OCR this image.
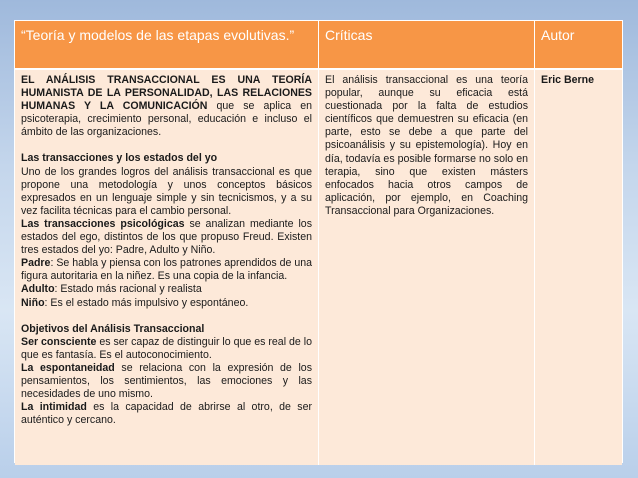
“Teoría y modelos de las etapas evolutivas.”	Críticas	Autor

EL ANÁLISIS TRANSACCIONAL ES UNA TEORÍA HUMANISTA DE LA PERSONALIDAD, LAS RELACIONES HUMANAS Y LA COMUNICACIÓN que se aplica en psicoterapia, crecimiento personal, educación e incluso el ámbito de las organizaciones.

Las transacciones y los estados del yo

Uno de los grandes logros del análisis transaccional es que propone una metodología y unos conceptos básicos expresados en un lenguaje simple y sin tecnicismos, y a su vez facilita técnicas para el cambio personal.

Las transacciones psicológicas se analizan mediante los estados del ego, distintos de los que propuso Freud. Existen tres estados del yo: Padre, Adulto y Niño.

Padre: Se habla y piensa con los patrones aprendidos de una figura autoritaria en la niñez. Es una copia de la infancia.

Adulto: Estado más racional y realista

Niño: Es el estado más impulsivo y espontáneo.

Objetivos del Análisis Transaccional

Ser consciente es ser capaz de distinguir lo que es real de lo que es fantasía. Es el autoconocimiento.

La espontaneidad se relaciona con la expresión de los pensamientos, los sentimientos, las emociones y las necesidades de uno mismo.

La intimidad es la capacidad de abrirse al otro, de ser auténtico y cercano.

El análisis transaccional es una teoría popular, aunque su eficacia está cuestionada por la falta de estudios científicos que demuestren su eficacia (en parte, esto se debe a que parte del psicoanálisis y su epistemología). Hoy en día, todavía es posible formarse no solo en terapia, sino que existen másters enfocados hacia otros campos de aplicación, por ejemplo, en Coaching Transaccional para Organizaciones.

Eric Berne
